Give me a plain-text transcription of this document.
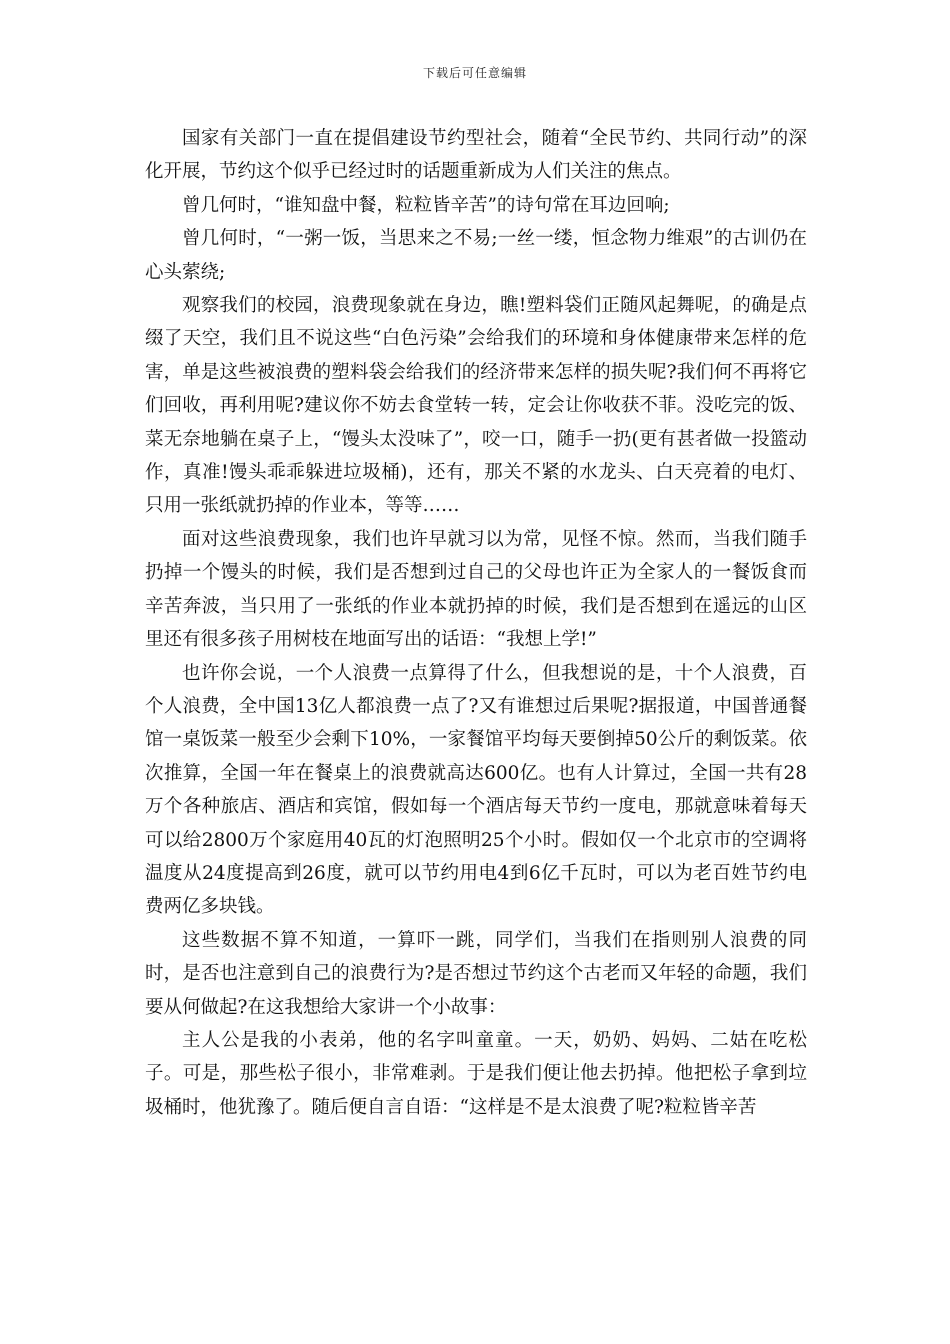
下载后可任意编辑

国家有关部门一直在提倡建设节约型社会，随着“全民节约、共同行动”的深化开展，节约这个似乎已经过时的话题重新成为人们关注的焦点。

曾几何时，“谁知盘中餐，粒粒皆辛苦”的诗句常在耳边回响;

曾几何时，“一粥一饭，当思来之不易;一丝一缕，恒念物力维艰”的古训仍在心头萦绕;

观察我们的校园，浪费现象就在身边，瞧!塑料袋们正随风起舞呢，的确是点缀了天空，我们且不说这些“白色污染”会给我们的环境和身体健康带来怎样的危害，单是这些被浪费的塑料袋会给我们的经济带来怎样的损失呢?我们何不再将它们回收，再利用呢?建议你不妨去食堂转一转，定会让你收获不菲。没吃完的饭、菜无奈地躺在桌子上，“馒头太没味了”，咬一口，随手一扔(更有甚者做一投篮动作，真准!馒头乖乖躲进垃圾桶)，还有，那关不紧的水龙头、白天亮着的电灯、只用一张纸就扔掉的作业本，等等……

面对这些浪费现象，我们也许早就习以为常，见怪不惊。然而，当我们随手扔掉一个馒头的时候，我们是否想到过自己的父母也许正为全家人的一餐饭食而辛苦奔波，当只用了一张纸的作业本就扔掉的时候，我们是否想到在遥远的山区里还有很多孩子用树枝在地面写出的话语：“我想上学!”

也许你会说，一个人浪费一点算得了什么，但我想说的是，十个人浪费，百个人浪费，全中国13亿人都浪费一点了?又有谁想过后果呢?据报道，中国普通餐馆一桌饭菜一般至少会剩下10%，一家餐馆平均每天要倒掉50公斤的剩饭菜。依次推算，全国一年在餐桌上的浪费就高达600亿。也有人计算过，全国一共有28万个各种旅店、酒店和宾馆，假如每一个酒店每天节约一度电，那就意味着每天可以给2800万个家庭用40瓦的灯泡照明25个小时。假如仅一个北京市的空调将温度从24度提高到26度，就可以节约用电4到6亿千瓦时，可以为老百姓节约电费两亿多块钱。

这些数据不算不知道，一算吓一跳，同学们，当我们在指则别人浪费的同时，是否也注意到自己的浪费行为?是否想过节约这个古老而又年轻的命题，我们要从何做起?在这我想给大家讲一个小故事：

主人公是我的小表弟，他的名字叫童童。一天，奶奶、妈妈、二姑在吃松子。可是，那些松子很小，非常难剥。于是我们便让他去扔掉。他把松子拿到垃圾桶时，他犹豫了。随后便自言自语：“这样是不是太浪费了呢?粒粒皆辛苦
